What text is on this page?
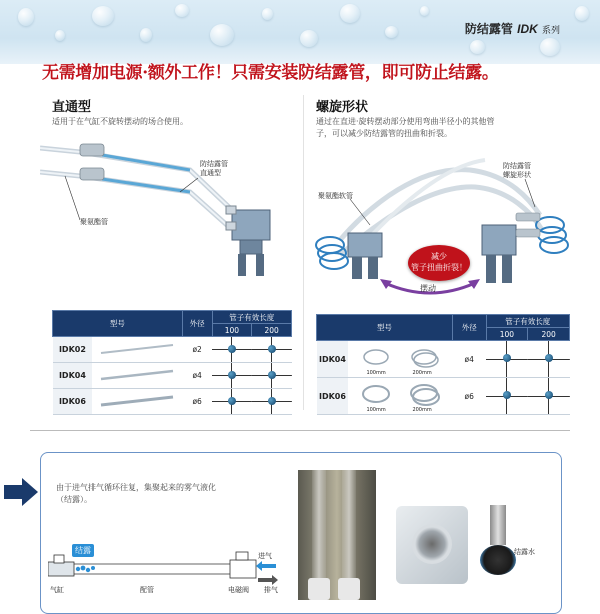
防结露管 IDK 系列
无需增加电源·额外工作！只需安装防结露管，即可防止结露。
直通型
适用于在气缸不旋转摆动的场合使用。
防结露管
直通型
聚氨酯管
螺旋形状
通过在直进·旋转摆动部分使用弯曲半径小的其他管
子，可以减少防结露管的扭曲和折裂。
防结露管
螺旋形状
聚氨酯软管
减少
管子扭曲折裂！
摆动
型号		外径	管子有效长度	
			100	200
IDK02		ø2		
IDK04		ø4		
IDK06		ø6		
型号		外径	管子有效长度	
			100	200
IDK04	100mm 200mm	ø4		
IDK06	100mm 200mm	ø6		
由于进气排气循环往复，集聚起来的雾气液化
（结露）。
结露
气缸	配管	电磁阀
进气
排气
结露水
